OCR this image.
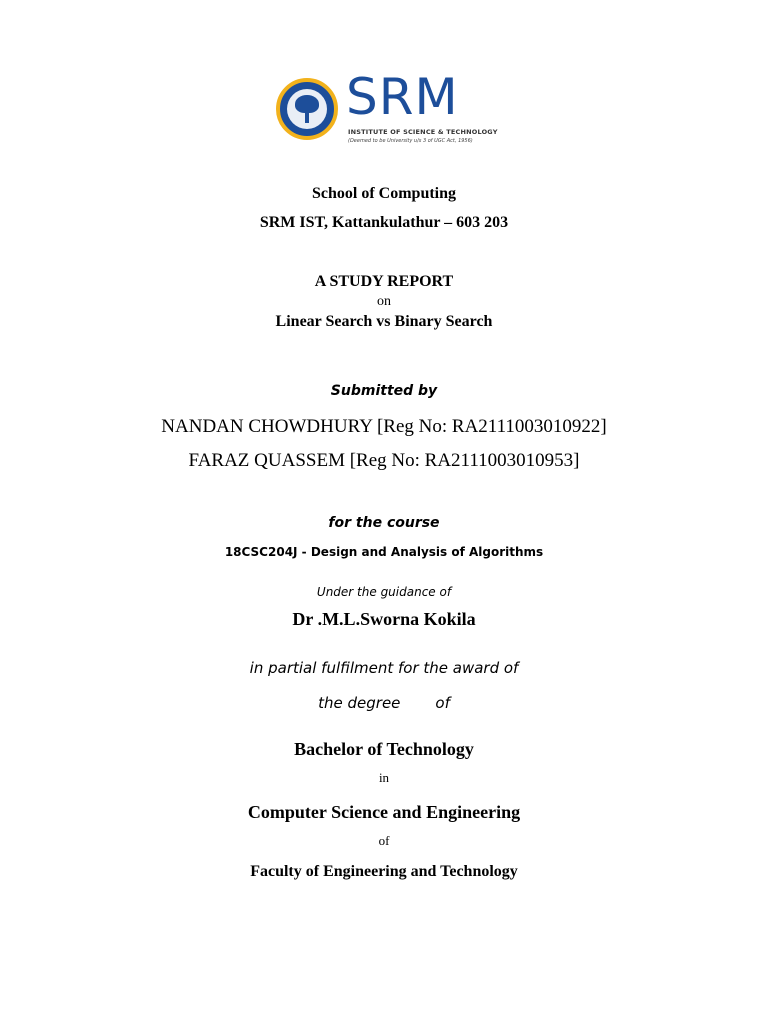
SRM
INSTITUTE OF SCIENCE & TECHNOLOGY
(Deemed to be University u/s 3 of UGC Act, 1956)
School of Computing
SRM IST, Kattankulathur – 603 203
A STUDY REPORT
on
Linear Search vs Binary Search
Submitted by
NANDAN CHOWDHURY [Reg No: RA2111003010922]
FARAZ QUASSEM [Reg No: RA2111003010953]
for the course
18CSC204J - Design and Analysis of Algorithms
Under the guidance of
Dr .M.L.Sworna Kokila
in partial fulfilment for the award of
the degree of
Bachelor of Technology
in
Computer Science and Engineering
of
Faculty of Engineering and Technology
